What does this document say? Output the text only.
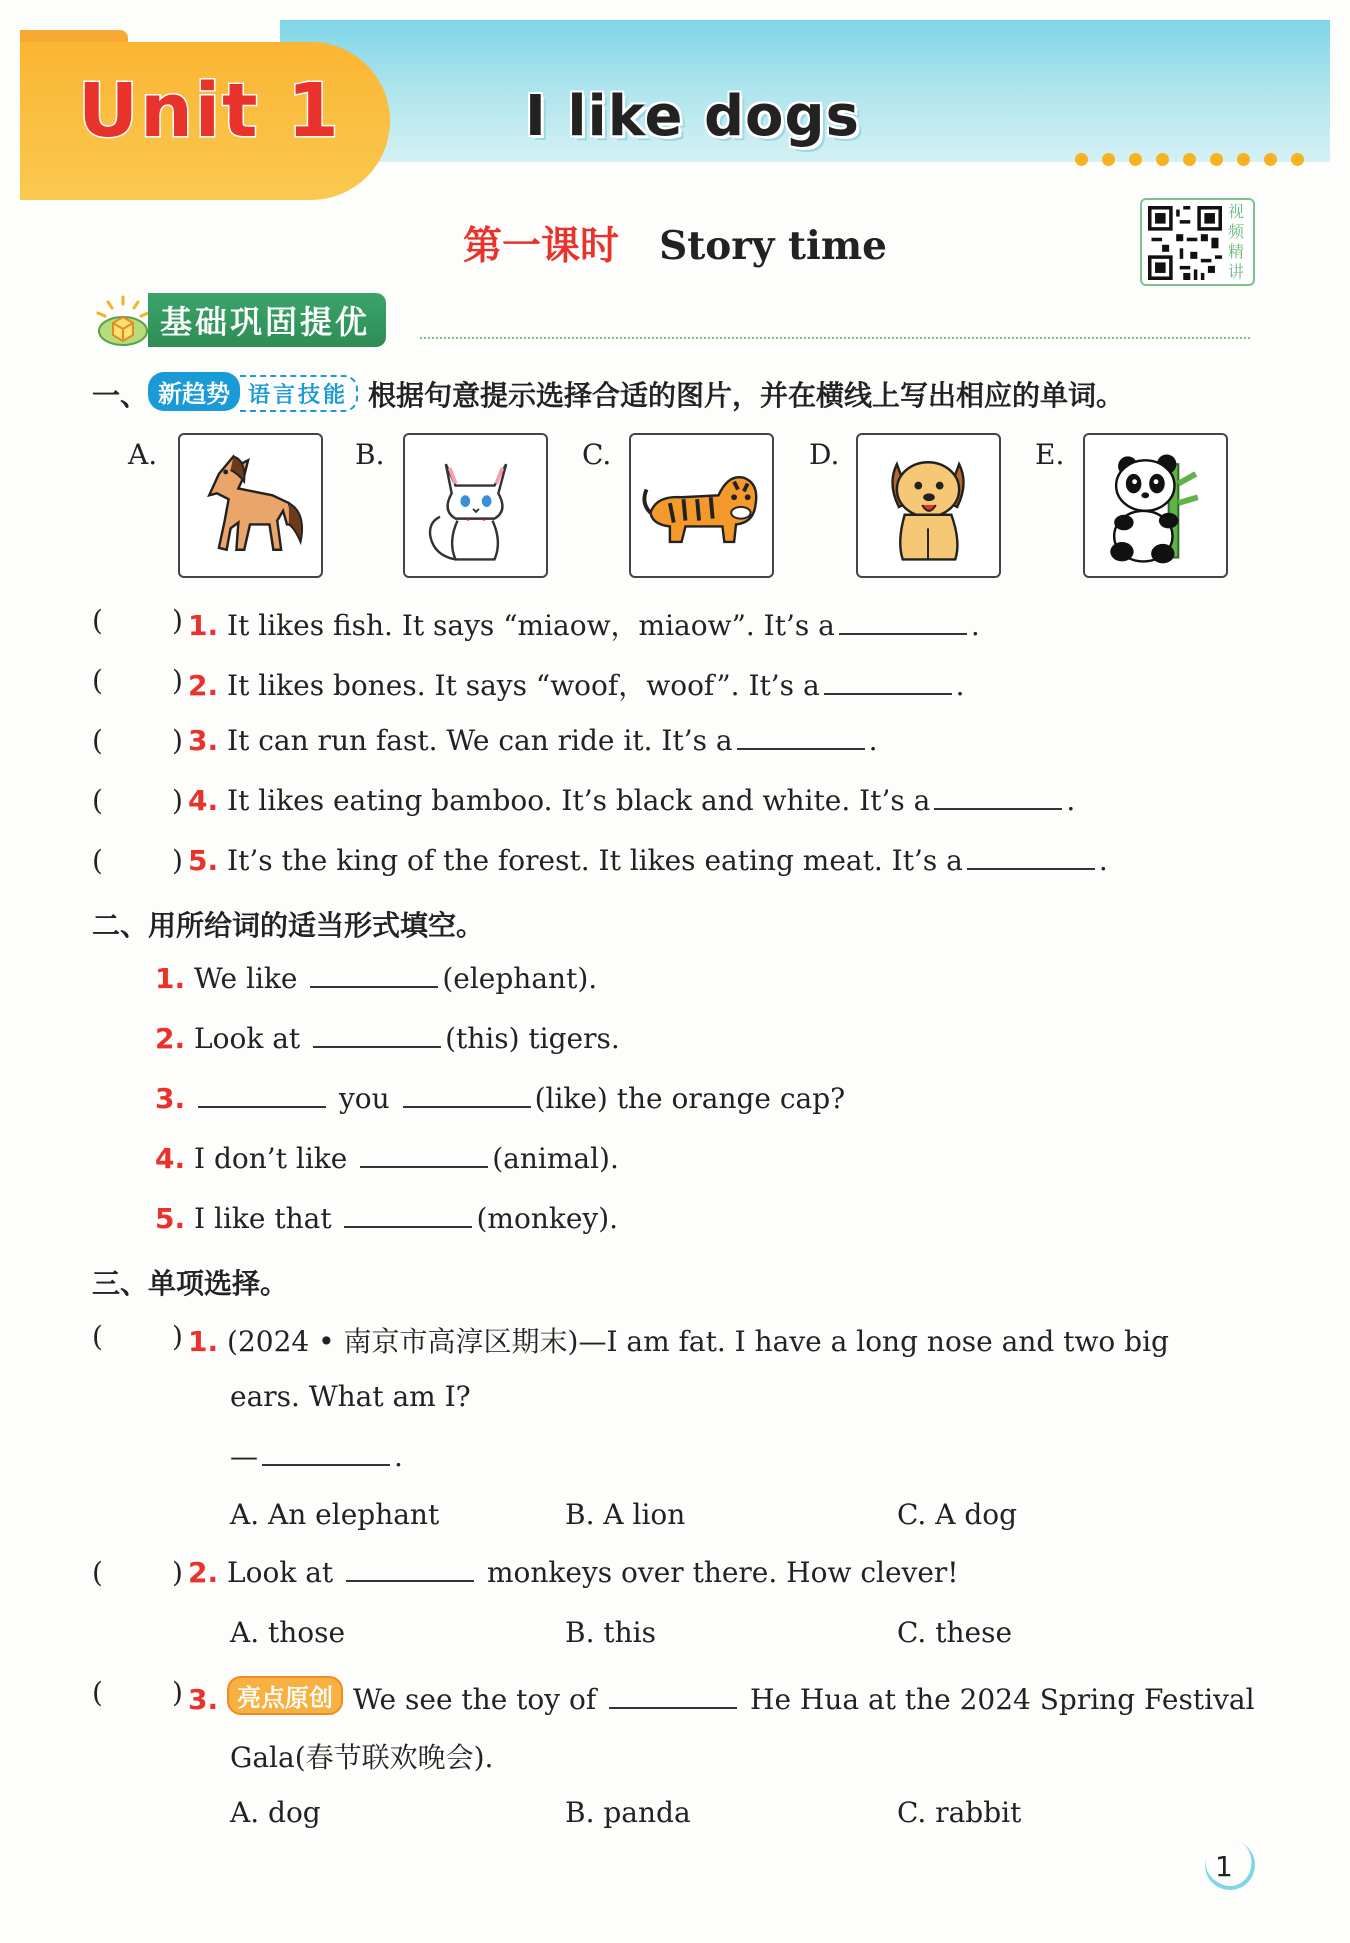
Unit 1	I like dogs
第一课时 Story time
视频精讲
基础巩固提优
一、 新趋势 语言技能 根据句意提示选择合适的图片，并在横线上写出相应的单词。
A.	B.	C.	D.	E.
( ) 1. It likes fish. It says “miaow，miaow”. It’s a	.
( ) 2. It likes bones. It says “woof，woof”. It’s a	.
( ) 3. It can run fast. We can ride it. It’s a	.
( ) 4. It likes eating bamboo. It’s black and white. It’s a	.
( ) 5. It’s the king of the forest. It likes eating meat. It’s a	.
二、用所给词的适当形式填空。
1. We like	(elephant).
2. Look at	(this) tigers.
3.	you	(like) the orange cap?
4. I don’t like	(animal).
5. I like that	(monkey).
三、单项选择。
( ) 1. (2024 • 南京市高淳区期末)—I am fat. I have a long nose and two big
ears. What am I?
—	.
A. An elephant	B. A lion	C. A dog
( ) 2. Look at	monkeys over there. How clever!
A. those	B. this	C. these
( ) 3. 亮点原创 We see the toy of	He Hua at the 2024 Spring Festival
Gala(春节联欢晚会).
A. dog	B. panda	C. rabbit
1
